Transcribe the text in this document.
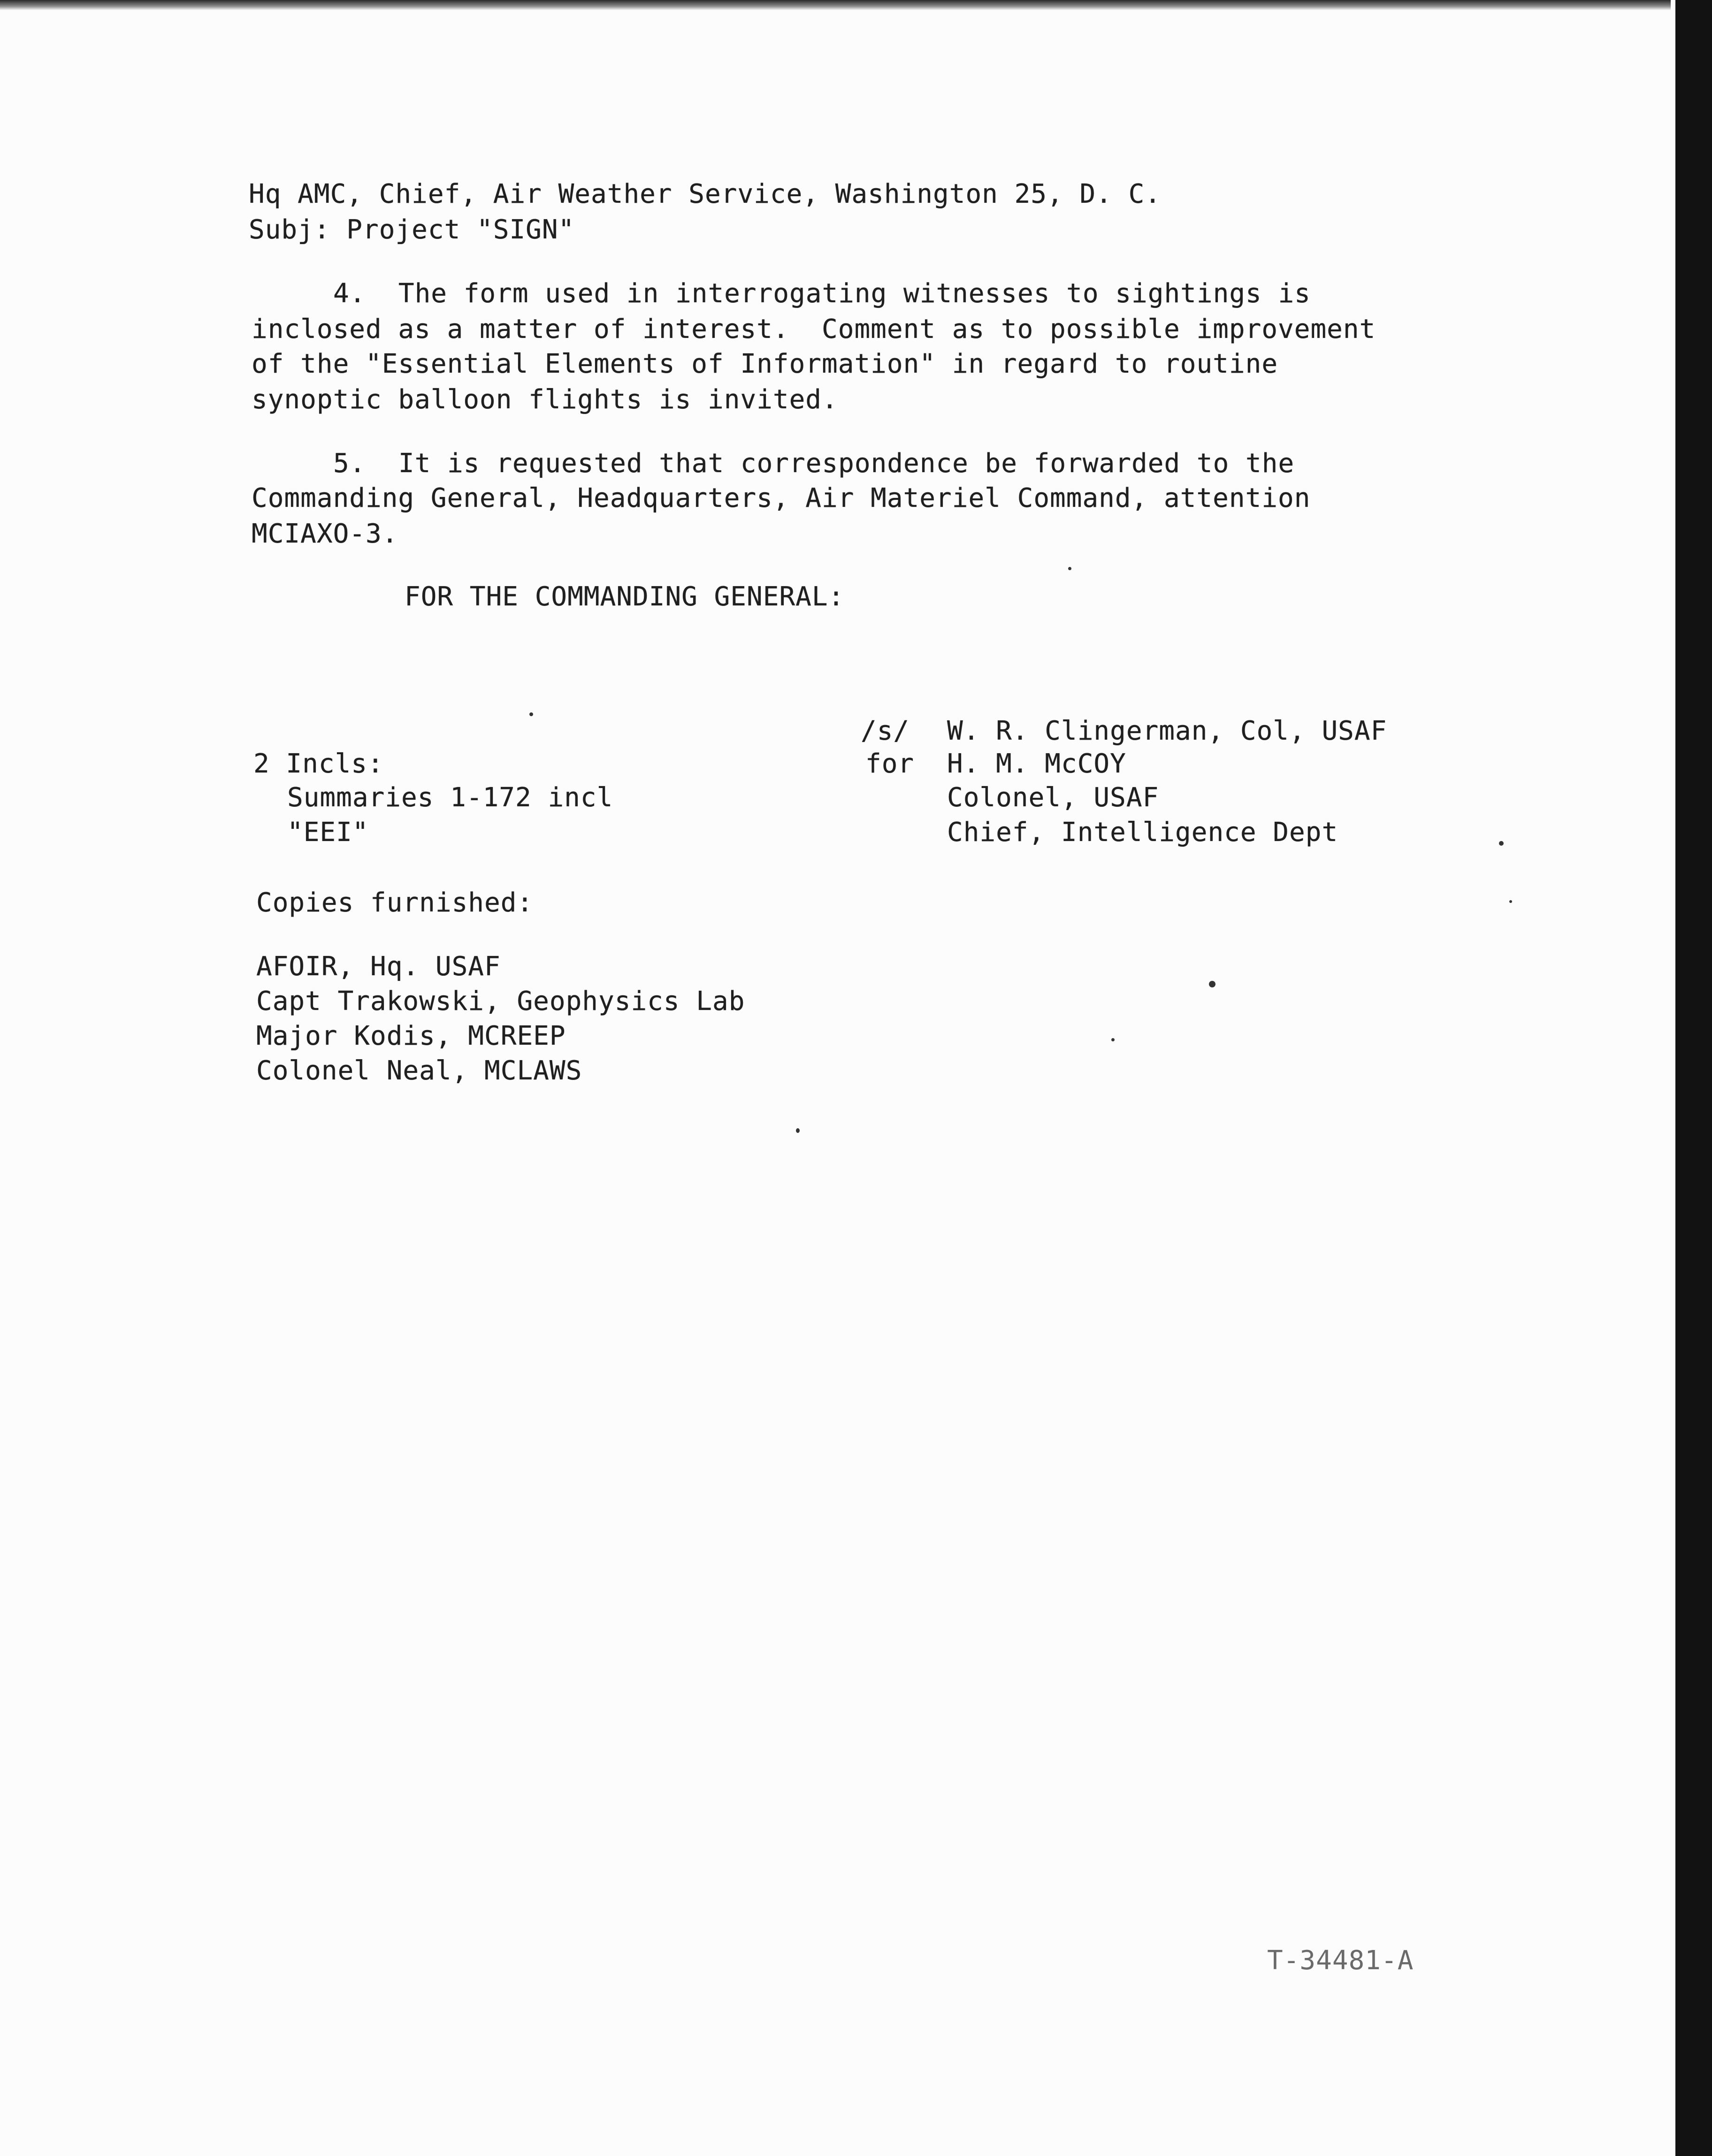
Hq AMC, Chief, Air Weather Service, Washington 25, D. C.
Subj: Project "SIGN"
4.  The form used in interrogating witnesses to sightings is
inclosed as a matter of interest.  Comment as to possible improvement
of the "Essential Elements of Information" in regard to routine
synoptic balloon flights is invited.
5.  It is requested that correspondence be forwarded to the
Commanding General, Headquarters, Air Materiel Command, attention
MCIAXO-3.
FOR THE COMMANDING GENERAL:
/s/ W. R. Clingerman, Col, USAF
for H. M. McCOY
Colonel, USAF
Chief, Intelligence Dept
2 Incls:
Summaries 1-172 incl
"EEI"
Copies furnished:
AFOIR, Hq. USAF
Capt Trakowski, Geophysics Lab
Major Kodis, MCREEP
Colonel Neal, MCLAWS
T-34481-A
